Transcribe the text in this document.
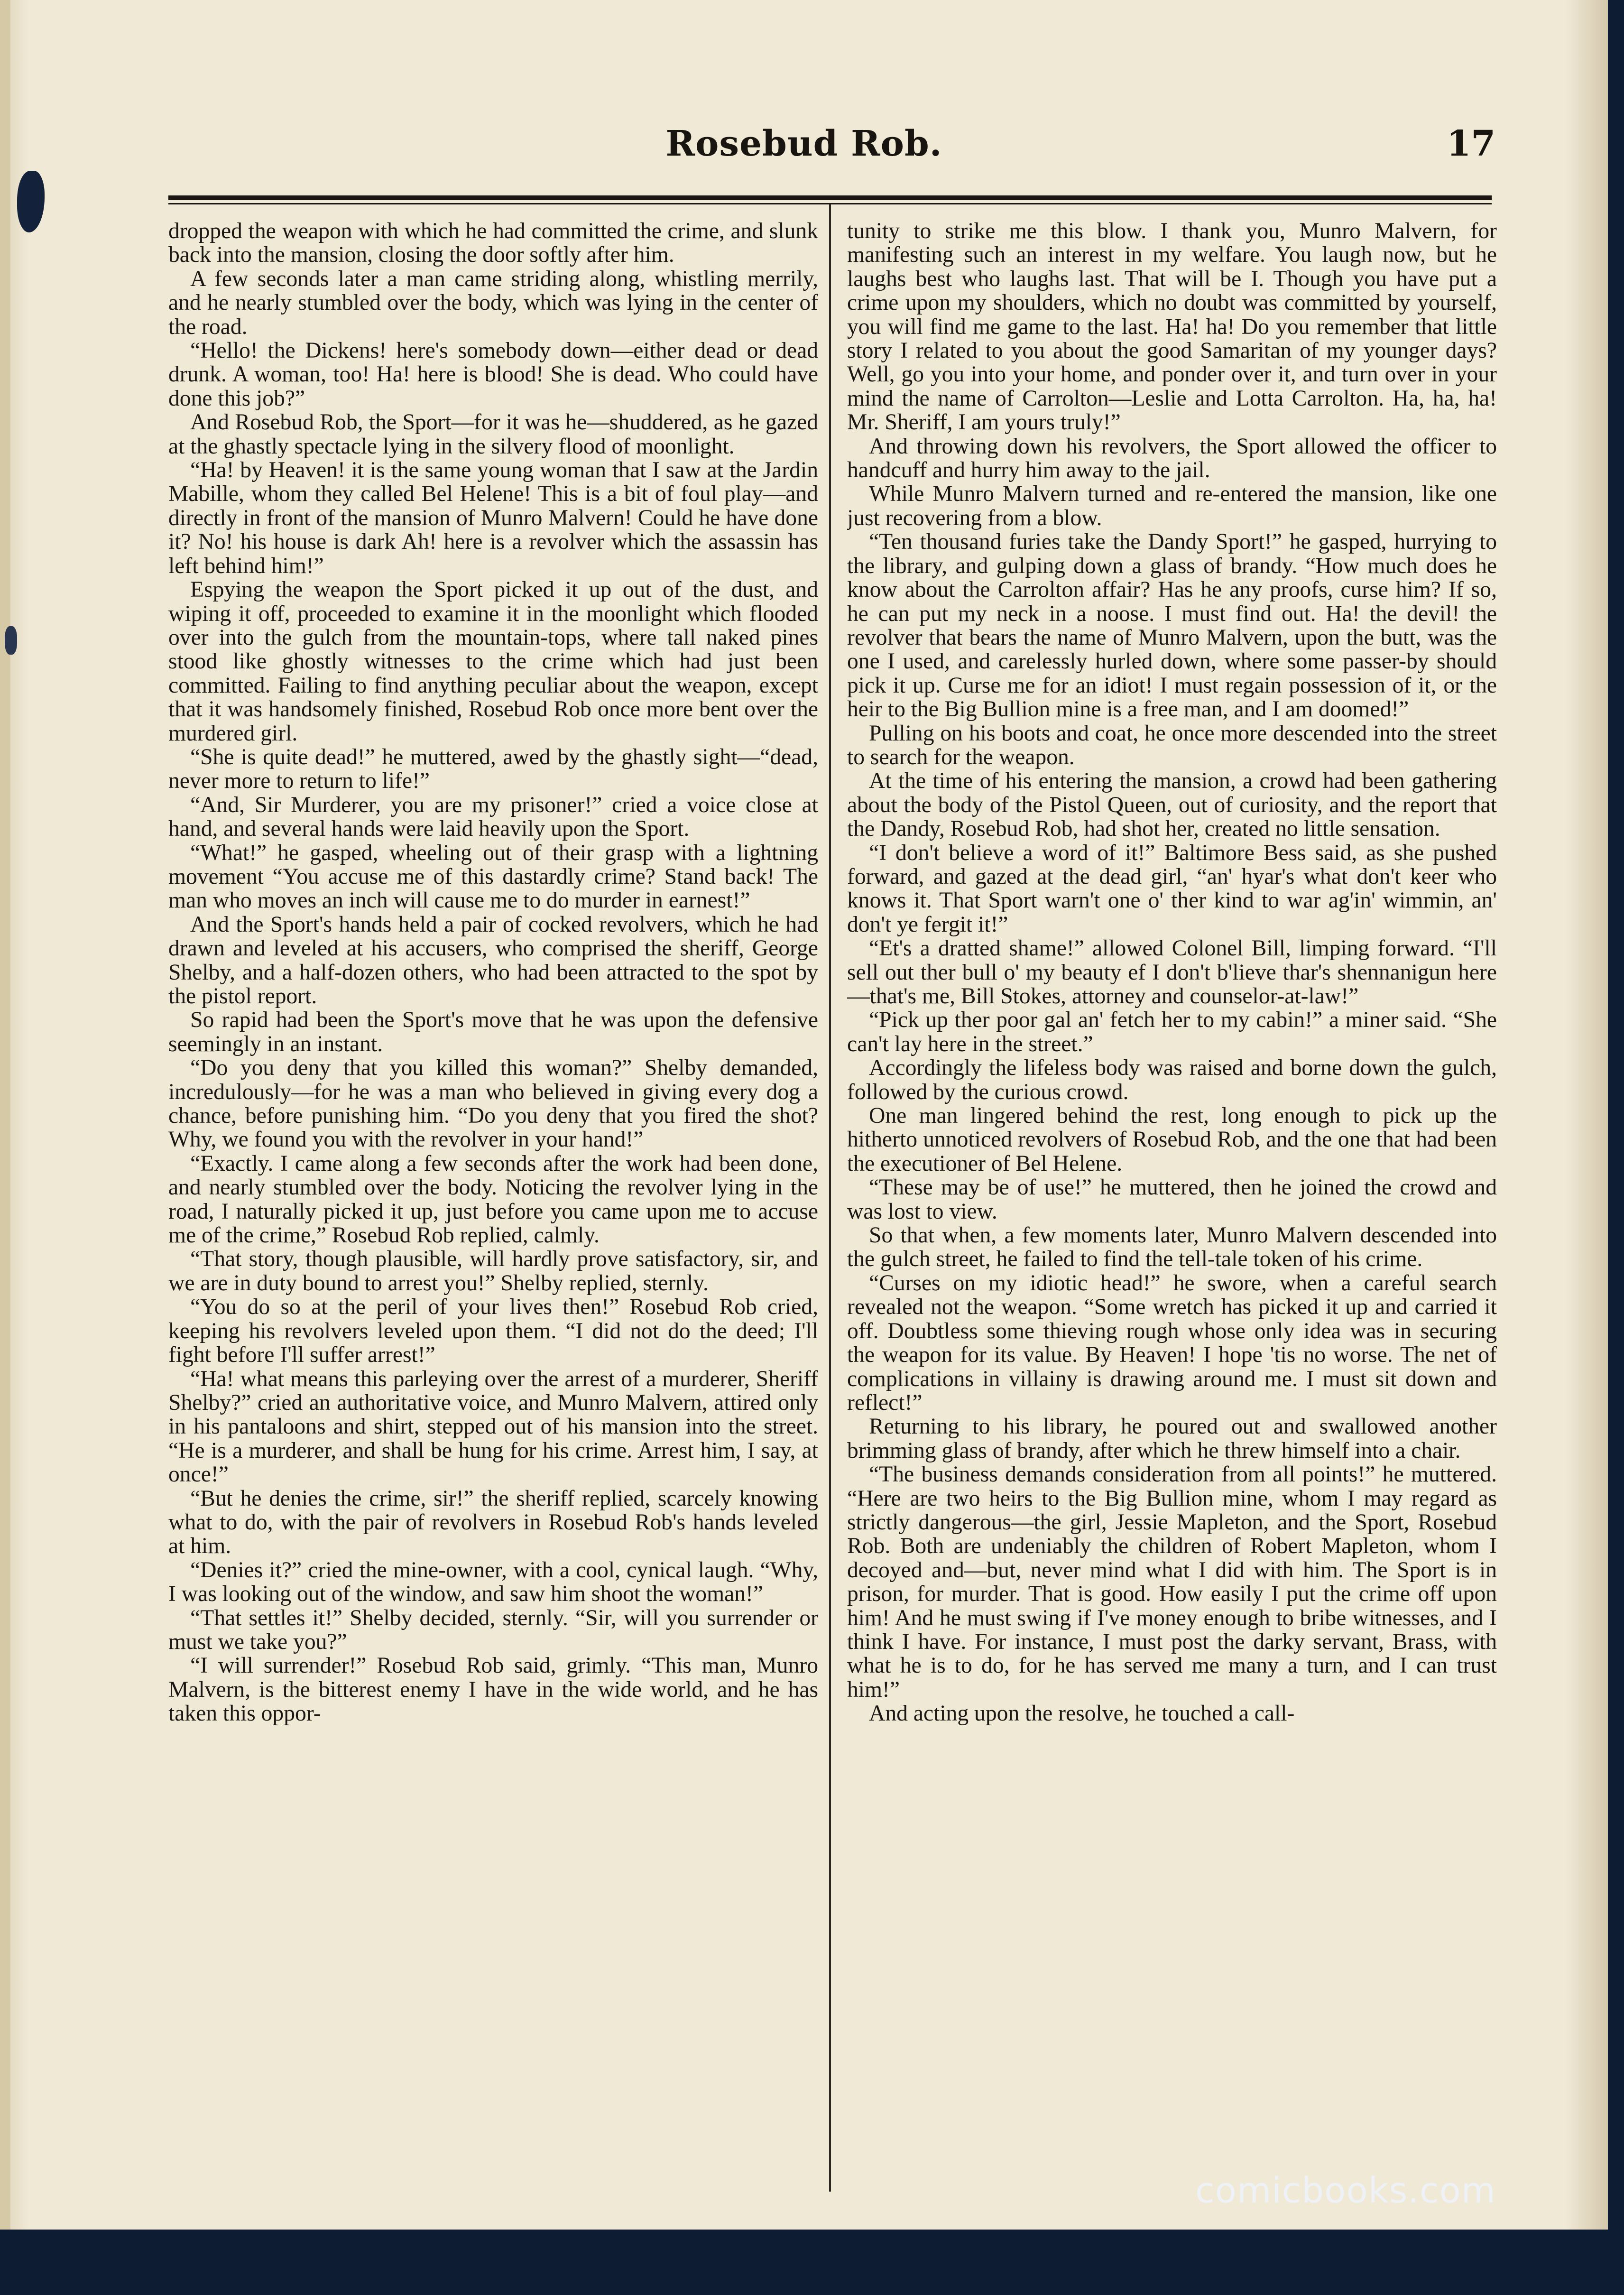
Rosebud Rob.	17

dropped the weapon with which he had committed the crime, and slunk back into the mansion, closing the door softly after him.

A few seconds later a man came striding along, whistling merrily, and he nearly stumbled over the body, which was lying in the center of the road.

“Hello! the Dickens! here's somebody down—either dead or dead drunk. A woman, too! Ha! here is blood! She is dead. Who could have done this job?”

And Rosebud Rob, the Sport—for it was he—shuddered, as he gazed at the ghastly spectacle lying in the silvery flood of moonlight.

“Ha! by Heaven! it is the same young woman that I saw at the Jardin Mabille, whom they called Bel Helene! This is a bit of foul play—and directly in front of the mansion of Munro Malvern! Could he have done it? No! his house is dark Ah! here is a revolver which the assassin has left behind him!”

Espying the weapon the Sport picked it up out of the dust, and wiping it off, proceeded to examine it in the moonlight which flooded over into the gulch from the mountain-tops, where tall naked pines stood like ghostly witnesses to the crime which had just been committed. Failing to find anything peculiar about the weapon, except that it was handsomely finished, Rosebud Rob once more bent over the murdered girl.

“She is quite dead!” he muttered, awed by the ghastly sight—“dead, never more to return to life!”

“And, Sir Murderer, you are my prisoner!” cried a voice close at hand, and several hands were laid heavily upon the Sport.

“What!” he gasped, wheeling out of their grasp with a lightning movement “You accuse me of this dastardly crime? Stand back! The man who moves an inch will cause me to do murder in earnest!”

And the Sport's hands held a pair of cocked revolvers, which he had drawn and leveled at his accusers, who comprised the sheriff, George Shelby, and a half-dozen others, who had been attracted to the spot by the pistol report.

So rapid had been the Sport's move that he was upon the defensive seemingly in an instant.

“Do you deny that you killed this woman?” Shelby demanded, incredulously—for he was a man who believed in giving every dog a chance, before punishing him. “Do you deny that you fired the shot? Why, we found you with the revolver in your hand!”

“Exactly. I came along a few seconds after the work had been done, and nearly stumbled over the body. Noticing the revolver lying in the road, I naturally picked it up, just before you came upon me to accuse me of the crime,” Rosebud Rob replied, calmly.

“That story, though plausible, will hardly prove satisfactory, sir, and we are in duty bound to arrest you!” Shelby replied, sternly.

“You do so at the peril of your lives then!” Rosebud Rob cried, keeping his revolvers leveled upon them. “I did not do the deed; I'll fight before I'll suffer arrest!”

“Ha! what means this parleying over the arrest of a murderer, Sheriff Shelby?” cried an authoritative voice, and Munro Malvern, attired only in his pantaloons and shirt, stepped out of his mansion into the street. “He is a murderer, and shall be hung for his crime. Arrest him, I say, at once!”

“But he denies the crime, sir!” the sheriff replied, scarcely knowing what to do, with the pair of revolvers in Rosebud Rob's hands leveled at him.

“Denies it?” cried the mine-owner, with a cool, cynical laugh. “Why, I was looking out of the window, and saw him shoot the woman!”

“That settles it!” Shelby decided, sternly. “Sir, will you surrender or must we take you?”

“I will surrender!” Rosebud Rob said, grimly. “This man, Munro Malvern, is the bitterest enemy I have in the wide world, and he has taken this oppor-

tunity to strike me this blow. I thank you, Munro Malvern, for manifesting such an interest in my welfare. You laugh now, but he laughs best who laughs last. That will be I. Though you have put a crime upon my shoulders, which no doubt was committed by yourself, you will find me game to the last. Ha! ha! Do you remember that little story I related to you about the good Samaritan of my younger days? Well, go you into your home, and ponder over it, and turn over in your mind the name of Carrolton—Leslie and Lotta Carrolton. Ha, ha, ha! Mr. Sheriff, I am yours truly!”

And throwing down his revolvers, the Sport allowed the officer to handcuff and hurry him away to the jail.

While Munro Malvern turned and re-entered the mansion, like one just recovering from a blow.

“Ten thousand furies take the Dandy Sport!” he gasped, hurrying to the library, and gulping down a glass of brandy. “How much does he know about the Carrolton affair? Has he any proofs, curse him? If so, he can put my neck in a noose. I must find out. Ha! the devil! the revolver that bears the name of Munro Malvern, upon the butt, was the one I used, and carelessly hurled down, where some passer-by should pick it up. Curse me for an idiot! I must regain possession of it, or the heir to the Big Bullion mine is a free man, and I am doomed!”

Pulling on his boots and coat, he once more descended into the street to search for the weapon.

At the time of his entering the mansion, a crowd had been gathering about the body of the Pistol Queen, out of curiosity, and the report that the Dandy, Rosebud Rob, had shot her, created no little sensation.

“I don't believe a word of it!” Baltimore Bess said, as she pushed forward, and gazed at the dead girl, “an' hyar's what don't keer who knows it. That Sport warn't one o' ther kind to war ag'in' wimmin, an' don't ye fergit it!”

“Et's a dratted shame!” allowed Colonel Bill, limping forward. “I'll sell out ther bull o' my beauty ef I don't b'lieve thar's shennanigun here—that's me, Bill Stokes, attorney and counselor-at-law!”

“Pick up ther poor gal an' fetch her to my cabin!” a miner said. “She can't lay here in the street.”

Accordingly the lifeless body was raised and borne down the gulch, followed by the curious crowd.

One man lingered behind the rest, long enough to pick up the hitherto unnoticed revolvers of Rosebud Rob, and the one that had been the executioner of Bel Helene.

“These may be of use!” he muttered, then he joined the crowd and was lost to view.

So that when, a few moments later, Munro Malvern descended into the gulch street, he failed to find the tell-tale token of his crime.

“Curses on my idiotic head!” he swore, when a careful search revealed not the weapon. “Some wretch has picked it up and carried it off. Doubtless some thieving rough whose only idea was in securing the weapon for its value. By Heaven! I hope 'tis no worse. The net of complications in villainy is drawing around me. I must sit down and reflect!”

Returning to his library, he poured out and swallowed another brimming glass of brandy, after which he threw himself into a chair.

“The business demands consideration from all points!” he muttered. “Here are two heirs to the Big Bullion mine, whom I may regard as strictly dangerous—the girl, Jessie Mapleton, and the Sport, Rosebud Rob. Both are undeniably the children of Robert Mapleton, whom I decoyed and—but, never mind what I did with him. The Sport is in prison, for murder. That is good. How easily I put the crime off upon him! And he must swing if I've money enough to bribe witnesses, and I think I have. For instance, I must post the darky servant, Brass, with what he is to do, for he has served me many a turn, and I can trust him!”

And acting upon the resolve, he touched a call-

comicbooks.com
